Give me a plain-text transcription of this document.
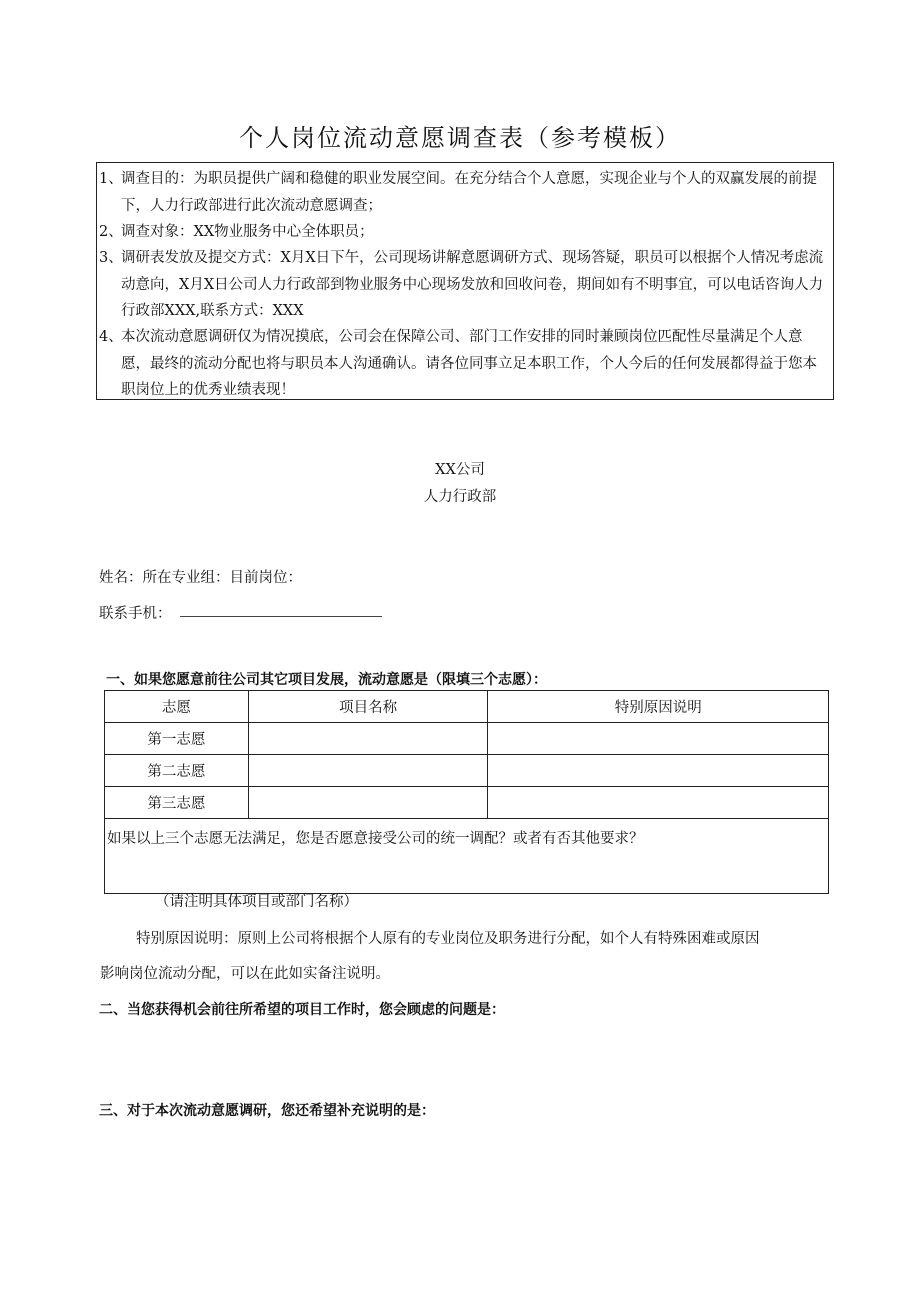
个人岗位流动意愿调查表（参考模板）
1、
调查目的：为职员提供广阔和稳健的职业发展空间。在充分结合个人意愿，实现企业与个人的双赢发展的前提下，人力行政部进行此次流动意愿调查；
2、
调查对象：XX物业服务中心全体职员；
3、
调研表发放及提交方式：X月X日下午，公司现场讲解意愿调研方式、现场答疑，职员可以根据个人情况考虑流动意向，X月X日公司人力行政部到物业服务中心现场发放和回收问卷，期间如有不明事宜，可以电话咨询人力行政部XXX,联系方式：XXX
4、
本次流动意愿调研仅为情况摸底，公司会在保障公司、部门工作安排的同时兼顾岗位匹配性尽量满足个人意愿，最终的流动分配也将与职员本人沟通确认。请各位同事立足本职工作，个人今后的任何发展都得益于您本职岗位上的优秀业绩表现！
XX公司
人力行政部
姓名：所在专业组：目前岗位：
联系手机：
一、如果您愿意前往公司其它项目发展，流动意愿是（限填三个志愿）：
志愿	项目名称	特别原因说明
第一志愿		
第二志愿		
第三志愿		
如果以上三个志愿无法满足，您是否愿意接受公司的统一调配？或者有否其他要求？		
（请注明具体项目或部门名称）
特别原因说明：原则上公司将根据个人原有的专业岗位及职务进行分配，如个人有特殊困难或原因
影响岗位流动分配，可以在此如实备注说明。
二、当您获得机会前往所希望的项目工作时，您会顾虑的问题是：
三、对于本次流动意愿调研，您还希望补充说明的是：
